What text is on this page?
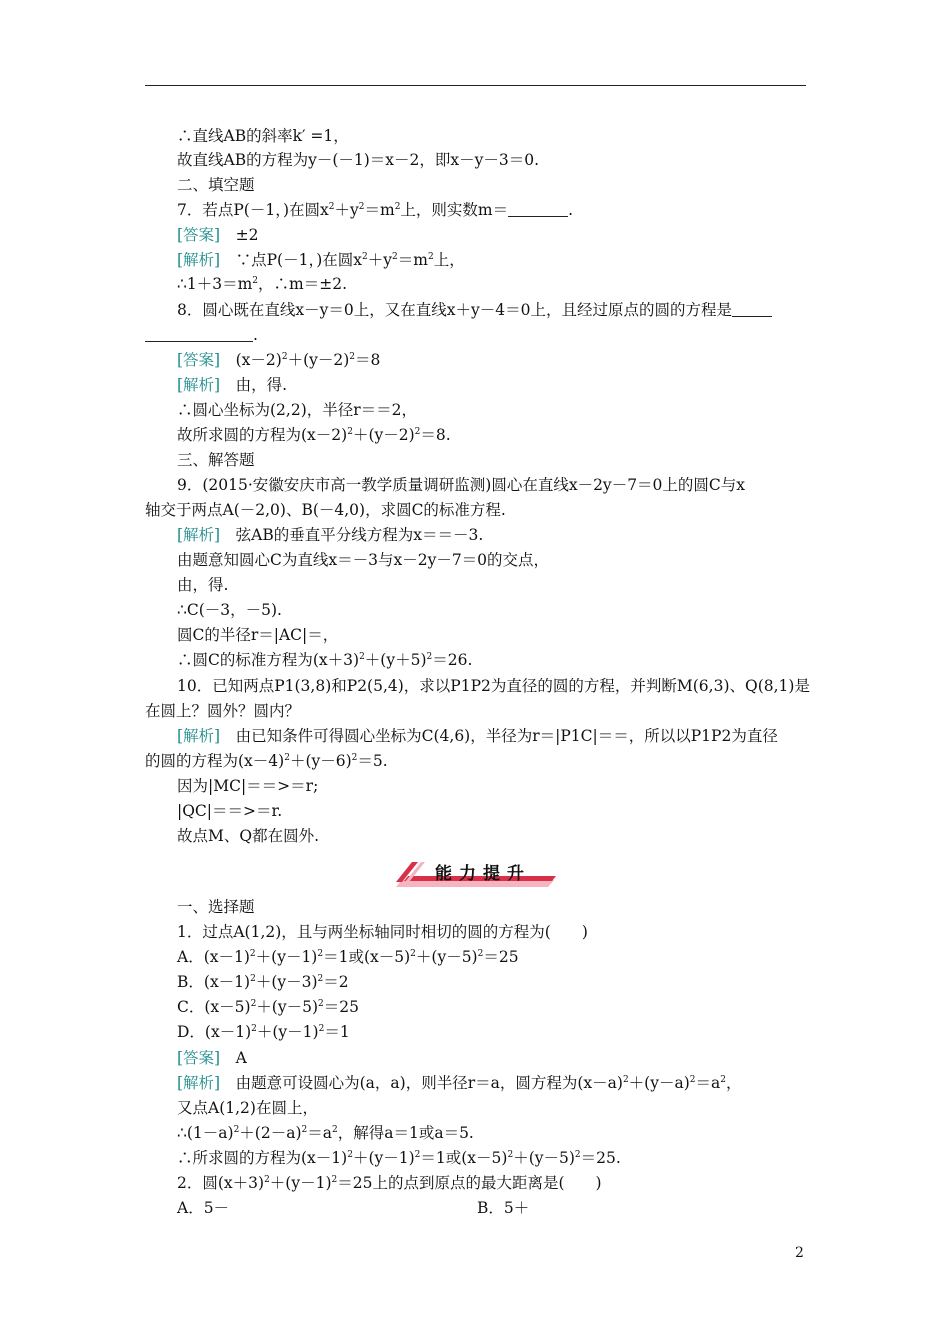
∴直线AB的斜率k′ =1，
故直线AB的方程为y－(－1)＝x－2，即x－y－3＝0.
二、填空题
7．若点P(－1，)在圆$x^2+y^2=m^2$上，则实数m＝	.
[答案]　 ±2
[解析]　 ∵点P(－1，)在圆$x^2+y^2=m^2$上，
$\therefore 1+3=m^2$，∴m＝±2.
8．圆心既在直线x－y＝0上，又在直线x＋y－4＝0上，且经过原点的圆的方程是
.
[答案]　 $(x-2)^2+(y-2)^2=8$
[解析]　 由，得.
∴圆心坐标为(2,2)，半径r＝＝2，
故所求圆的方程为$(x-2)^2+(y-2)^2=8$.
三、解答题
9．(2015·安徽安庆市高一教学质量调研监测)圆心在直线x－2y－7＝0上的圆C与x
轴交于两点A(－2,0)、B(－4,0)，求圆C的标准方程.
[解析]　 弦AB的垂直平分线方程为x＝＝－3.
由题意知圆心C为直线x＝－3与x－2y－7＝0的交点，
由，得.
∴C(－3，－5).
圆C的半径r＝|AC|＝，
∴圆C的标准方程为$(x+3)^2+(y+5)^2=26$.
10．已知两点P1(3,8)和P2(5,4)，求以P1P2为直径的圆的方程，并判断M(6,3)、Q(8,1)是
在圆上？圆外？圆内？
[解析]　 由已知条件可得圆心坐标为C(4,6)，半径为r＝|P1C|＝＝，所以以P1P2为直径
的圆的方程为$(x-4)^2+(y-6)^2=5$.
因为|MC|＝＝>＝r;
|QC|＝＝>＝r.
故点M、Q都在圆外.
能力提升
一、选择题
1．过点A(1,2)，且与两坐标轴同时相切的圆的方程为(　　)
A．$(x-1)^2+(y-1)^2=1$或$(x-5)^2+(y-5)^2=25$
B．$(x-1)^2+(y-3)^2=2$
C．$(x-5)^2+(y-5)^2=25$
D．$(x-1)^2+(y-1)^2=1$
[答案]　 A
[解析]　 由题意可设圆心为(a，a)，则半径r＝a，圆方程为$(x-a)^2+(y-a)^2=a^2$，
又点A(1,2)在圆上，
$\therefore(1-a)^2+(2-a)^2=a^2$，解得a＝1或a＝5.
∴所求圆的方程为$(x-1)^2+(y-1)^2=1$或$(x-5)^2+(y-5)^2=25$.
2．圆$(x+3)^2+(y-1)^2=25$上的点到原点的最大距离是(　　)
A．5－	B．5＋
2
